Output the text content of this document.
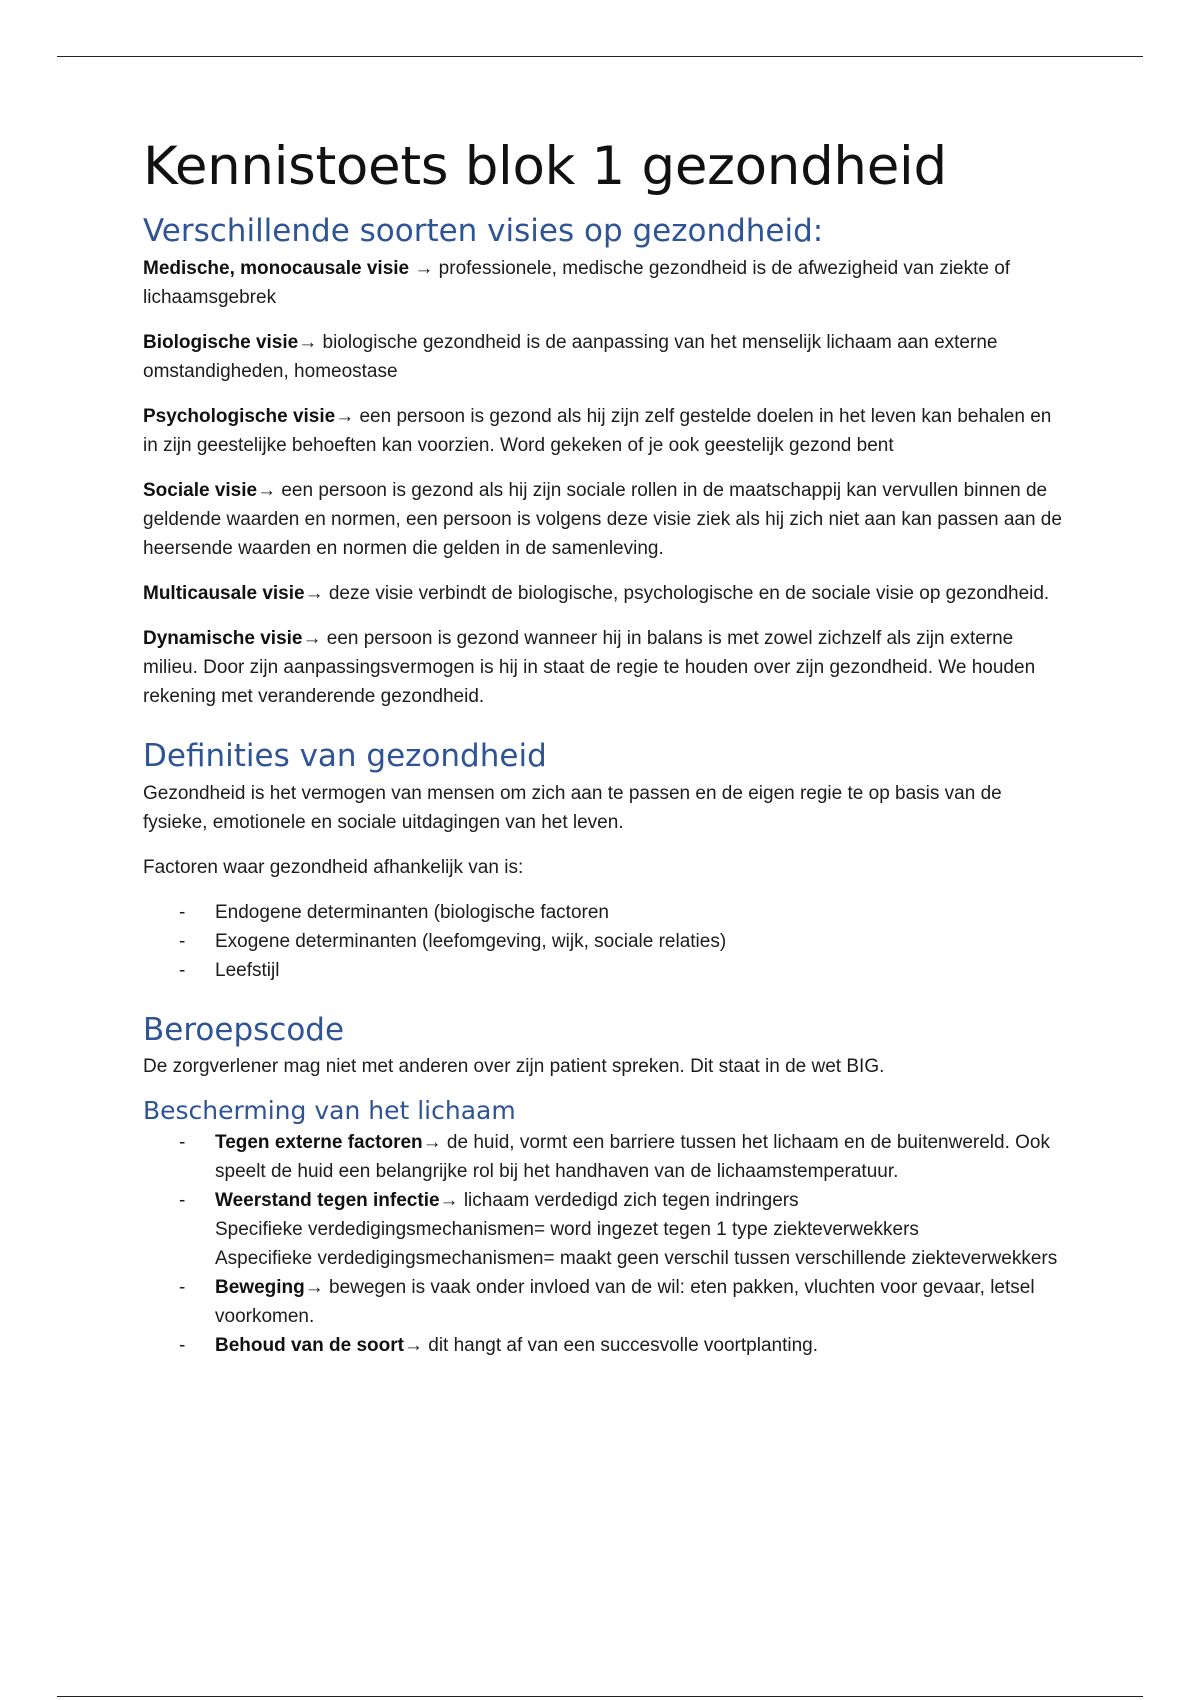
Kennistoets blok 1 gezondheid
Verschillende soorten visies op gezondheid:

Medische, monocausale visie → professionele, medische gezondheid is de afwezigheid van ziekte of lichaamsgebrek

Biologische visie→ biologische gezondheid is de aanpassing van het menselijk lichaam aan externe omstandigheden, homeostase

Psychologische visie→ een persoon is gezond als hij zijn zelf gestelde doelen in het leven kan behalen en in zijn geestelijke behoeften kan voorzien. Word gekeken of je ook geestelijk gezond bent

Sociale visie→ een persoon is gezond als hij zijn sociale rollen in de maatschappij kan vervullen binnen de geldende waarden en normen, een persoon is volgens deze visie ziek als hij zich niet aan kan passen aan de heersende waarden en normen die gelden in de samenleving.

Multicausale visie→ deze visie verbindt de biologische, psychologische en de sociale visie op gezondheid.

Dynamische visie→ een persoon is gezond wanneer hij in balans is met zowel zichzelf als zijn externe milieu. Door zijn aanpassingsvermogen is hij in staat de regie te houden over zijn gezondheid. We houden rekening met veranderende gezondheid.

Definities van gezondheid

Gezondheid is het vermogen van mensen om zich aan te passen en de eigen regie te op basis van de fysieke, emotionele en sociale uitdagingen van het leven.

Factoren waar gezondheid afhankelijk van is:

- Endogene determinanten (biologische factoren
- Exogene determinanten (leefomgeving, wijk, sociale relaties)
- Leefstijl
Beroepscode

De zorgverlener mag niet met anderen over zijn patient spreken. Dit staat in de wet BIG.

Bescherming van het lichaam
- Tegen externe factoren→ de huid, vormt een barriere tussen het lichaam en de buitenwereld. Ook speelt de huid een belangrijke rol bij het handhaven van de lichaamstemperatuur.
- Weerstand tegen infectie→ lichaam verdedigd zich tegen indringers
Specifieke verdedigingsmechanismen= word ingezet tegen 1 type ziekteverwekkers
Aspecifieke verdedigingsmechanismen= maakt geen verschil tussen verschillende ziekteverwekkers
- Beweging→ bewegen is vaak onder invloed van de wil: eten pakken, vluchten voor gevaar, letsel voorkomen.
- Behoud van de soort→ dit hangt af van een succesvolle voortplanting.
